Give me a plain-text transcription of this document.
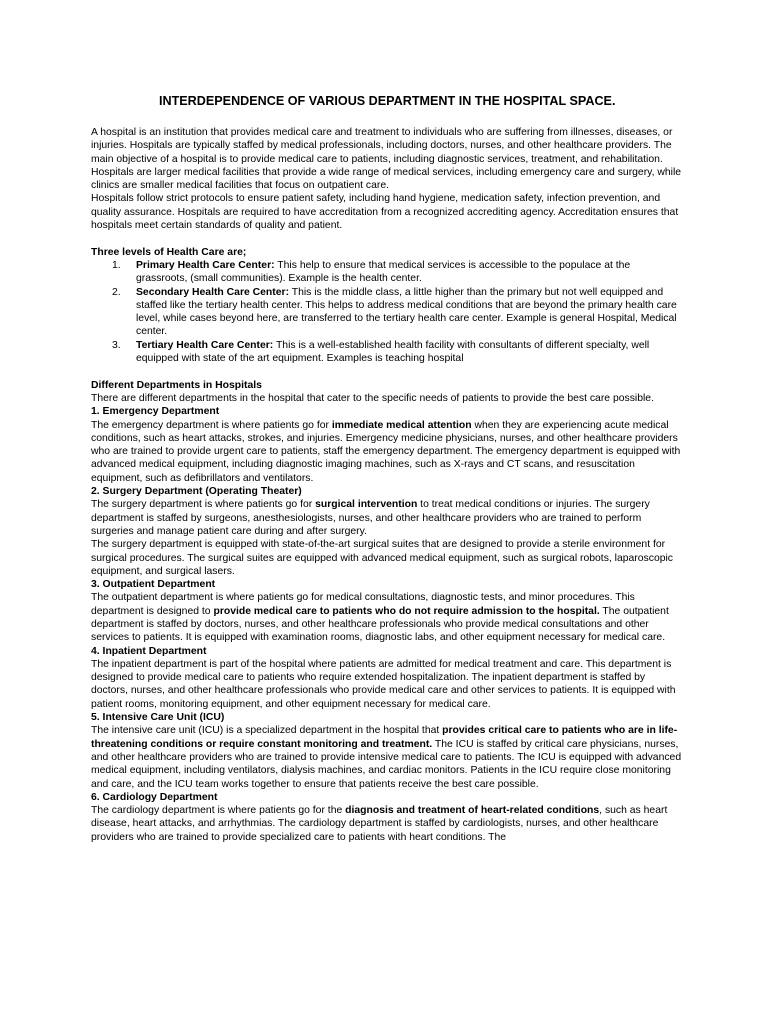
INTERDEPENDENCE OF VARIOUS DEPARTMENT IN THE HOSPITAL SPACE.

A hospital is an institution that provides medical care and treatment to individuals who are suffering from illnesses, diseases, or injuries. Hospitals are typically staffed by medical professionals, including doctors, nurses, and other healthcare providers. The main objective of a hospital is to provide medical care to patients, including diagnostic services, treatment, and rehabilitation.

Hospitals are larger medical facilities that provide a wide range of medical services, including emergency care and surgery, while clinics are smaller medical facilities that focus on outpatient care.

Hospitals follow strict protocols to ensure patient safety, including hand hygiene, medication safety, infection prevention, and quality assurance. Hospitals are required to have accreditation from a recognized accrediting agency. Accreditation ensures that hospitals meet certain standards of quality and patient.

Three levels of Health Care are;

1. Primary Health Care Center: This help to ensure that medical services is accessible to the populace at the grassroots, (small communities). Example is the health center.
2. Secondary Health Care Center: This is the middle class, a little higher than the primary but not well equipped and staffed like the tertiary health center. This helps to address medical conditions that are beyond the primary health care level, while cases beyond here, are transferred to the tertiary health care center. Example is general Hospital, Medical center.
3. Tertiary Health Care Center: This is a well-established health facility with consultants of different specialty, well equipped with state of the art equipment. Examples is teaching hospital

Different Departments in Hospitals

There are different departments in the hospital that cater to the specific needs of patients to provide the best care possible.

1. Emergency Department

The emergency department is where patients go for immediate medical attention when they are experiencing acute medical conditions, such as heart attacks, strokes, and injuries. Emergency medicine physicians, nurses, and other healthcare providers who are trained to provide urgent care to patients, staff the emergency department. The emergency department is equipped with advanced medical equipment, including diagnostic imaging machines, such as X-rays and CT scans, and resuscitation equipment, such as defibrillators and ventilators.

2. Surgery Department (Operating Theater)

The surgery department is where patients go for surgical intervention to treat medical conditions or injuries. The surgery department is staffed by surgeons, anesthesiologists, nurses, and other healthcare providers who are trained to perform surgeries and manage patient care during and after surgery.

The surgery department is equipped with state-of-the-art surgical suites that are designed to provide a sterile environment for surgical procedures. The surgical suites are equipped with advanced medical equipment, such as surgical robots, laparoscopic equipment, and surgical lasers.

3. Outpatient Department

The outpatient department is where patients go for medical consultations, diagnostic tests, and minor procedures. This department is designed to provide medical care to patients who do not require admission to the hospital. The outpatient department is staffed by doctors, nurses, and other healthcare professionals who provide medical consultations and other services to patients. It is equipped with examination rooms, diagnostic labs, and other equipment necessary for medical care.

4. Inpatient Department

The inpatient department is part of the hospital where patients are admitted for medical treatment and care. This department is designed to provide medical care to patients who require extended hospitalization. The inpatient department is staffed by doctors, nurses, and other healthcare professionals who provide medical care and other services to patients. It is equipped with patient rooms, monitoring equipment, and other equipment necessary for medical care.

5. Intensive Care Unit (ICU)

The intensive care unit (ICU) is a specialized department in the hospital that provides critical care to patients who are in life-threatening conditions or require constant monitoring and treatment. The ICU is staffed by critical care physicians, nurses, and other healthcare providers who are trained to provide intensive medical care to patients. The ICU is equipped with advanced medical equipment, including ventilators, dialysis machines, and cardiac monitors. Patients in the ICU require close monitoring and care, and the ICU team works together to ensure that patients receive the best care possible.

6. Cardiology Department

The cardiology department is where patients go for the diagnosis and treatment of heart-related conditions, such as heart disease, heart attacks, and arrhythmias. The cardiology department is staffed by cardiologists, nurses, and other healthcare providers who are trained to provide specialized care to patients with heart conditions. The
